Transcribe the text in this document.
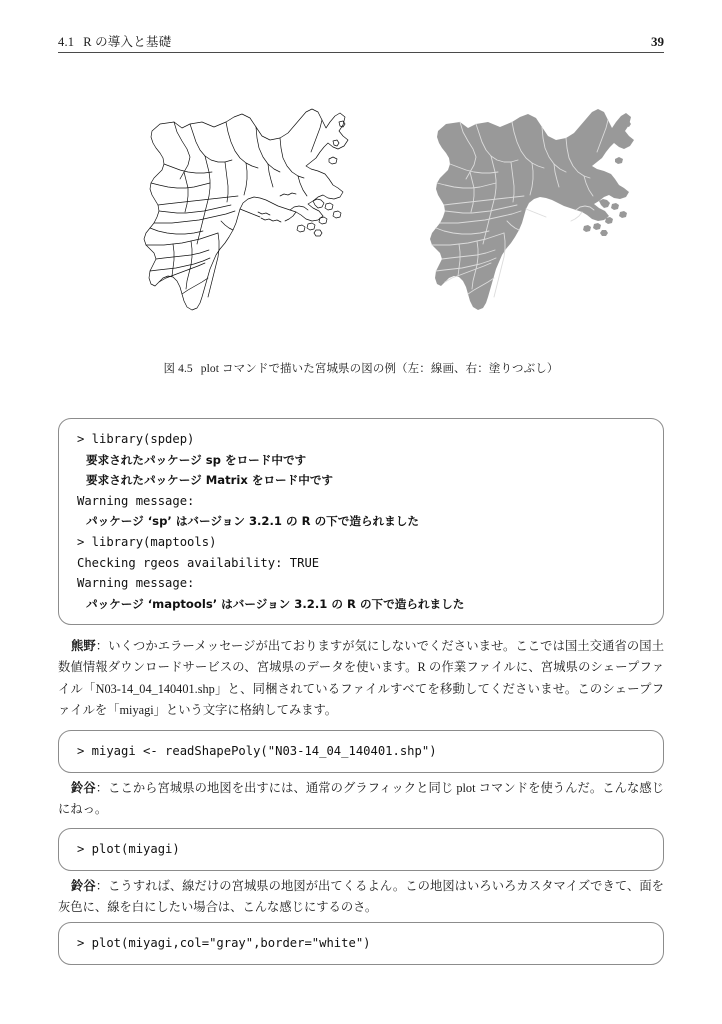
4.1 R の導入と基礎	39
図 4.5 plot コマンドで描いた宮城県の図の例（左：線画、右：塗りつぶし）
> library(spdep)
要求されたパッケージ sp をロード中です
要求されたパッケージ Matrix をロード中です
Warning message:
パッケージ ‘sp’ はバージョン 3.2.1 の R の下で造られました
> library(maptools)
Checking rgeos availability: TRUE
Warning message:
パッケージ ‘maptools’ はバージョン 3.2.1 の R の下で造られました
熊野：いくつかエラーメッセージが出ておりますが気にしないでくださいませ。ここでは国土交通省の国土数値情報ダウンロードサービスの、宮城県のデータを使います。R の作業ファイルに、宮城県のシェープファイル「N03-14_04_140401.shp」と、同梱されているファイルすべてを移動してくださいませ。このシェープファイルを「miyagi」という文字に格納してみます。
> miyagi <- readShapePoly("N03-14_04_140401.shp")
鈴谷：ここから宮城県の地図を出すには、通常のグラフィックと同じ plot コマンドを使うんだ。こんな感じにねっ。
> plot(miyagi)
鈴谷：こうすれば、線だけの宮城県の地図が出てくるよん。この地図はいろいろカスタマイズできて、面を灰色に、線を白にしたい場合は、こんな感じにするのさ。
> plot(miyagi,col="gray",border="white")
